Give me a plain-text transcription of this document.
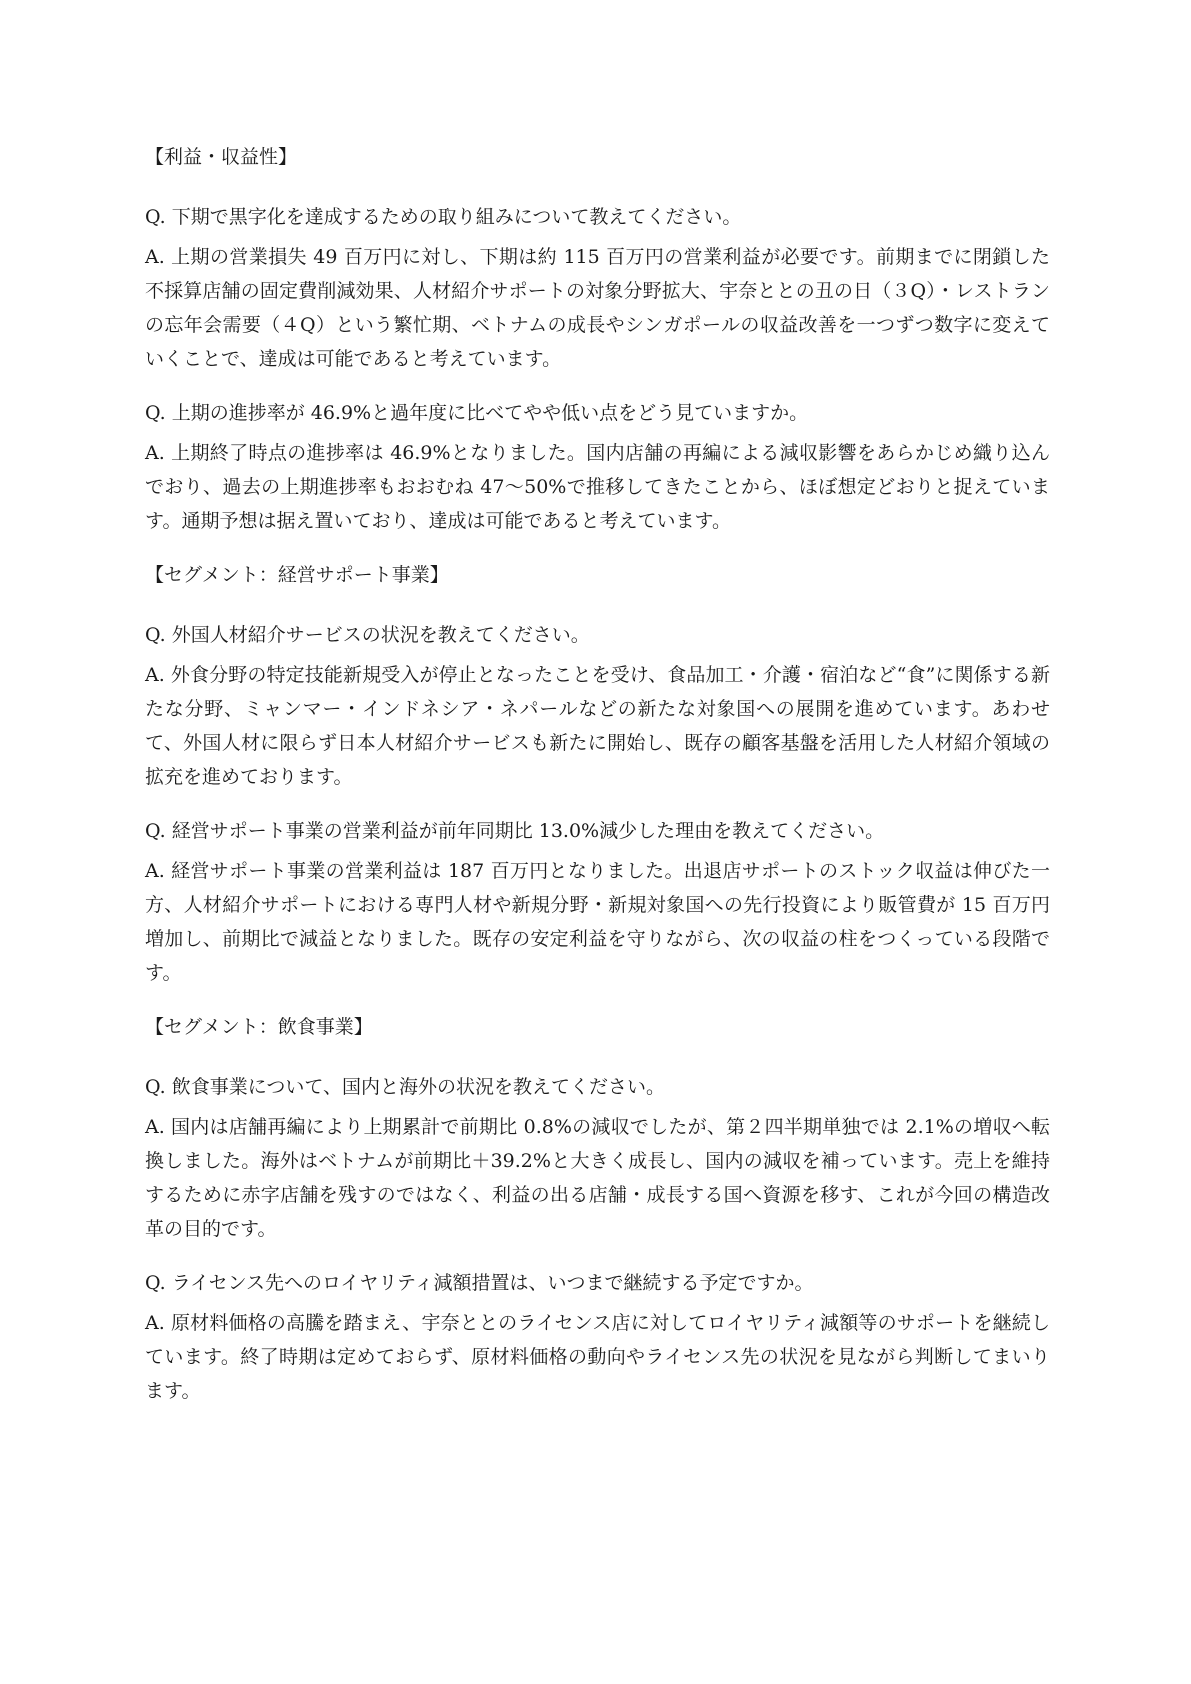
【利益・収益性】

Q. 下期で黒字化を達成するための取り組みについて教えてください。

A. 上期の営業損失 49 百万円に対し、下期は約 115 百万円の営業利益が必要です。前期までに閉鎖した不採算店舗の固定費削減効果、人材紹介サポートの対象分野拡大、宇奈ととの丑の日（３Q）・レストランの忘年会需要（４Q）という繁忙期、ベトナムの成長やシンガポールの収益改善を一つずつ数字に変えていくことで、達成は可能であると考えています。

Q. 上期の進捗率が 46.9%と過年度に比べてやや低い点をどう見ていますか。

A. 上期終了時点の進捗率は 46.9%となりました。国内店舗の再編による減収影響をあらかじめ織り込んでおり、過去の上期進捗率もおおむね 47〜50%で推移してきたことから、ほぼ想定どおりと捉えています。通期予想は据え置いており、達成は可能であると考えています。

【セグメント：経営サポート事業】

Q. 外国人材紹介サービスの状況を教えてください。

A. 外食分野の特定技能新規受入が停止となったことを受け、食品加工・介護・宿泊など“食”に関係する新たな分野、ミャンマー・インドネシア・ネパールなどの新たな対象国への展開を進めています。あわせて、外国人材に限らず日本人材紹介サービスも新たに開始し、既存の顧客基盤を活用した人材紹介領域の拡充を進めております。

Q. 経営サポート事業の営業利益が前年同期比 13.0%減少した理由を教えてください。

A. 経営サポート事業の営業利益は 187 百万円となりました。出退店サポートのストック収益は伸びた一方、人材紹介サポートにおける専門人材や新規分野・新規対象国への先行投資により販管費が 15 百万円増加し、前期比で減益となりました。既存の安定利益を守りながら、次の収益の柱をつくっている段階です。

【セグメント：飲食事業】

Q. 飲食事業について、国内と海外の状況を教えてください。

A. 国内は店舗再編により上期累計で前期比 0.8%の減収でしたが、第２四半期単独では 2.1%の増収へ転換しました。海外はベトナムが前期比＋39.2%と大きく成長し、国内の減収を補っています。売上を維持するために赤字店舗を残すのではなく、利益の出る店舗・成長する国へ資源を移す、これが今回の構造改革の目的です。

Q. ライセンス先へのロイヤリティ減額措置は、いつまで継続する予定ですか。

A. 原材料価格の高騰を踏まえ、宇奈ととのライセンス店に対してロイヤリティ減額等のサポートを継続しています。終了時期は定めておらず、原材料価格の動向やライセンス先の状況を見ながら判断してまいります。
